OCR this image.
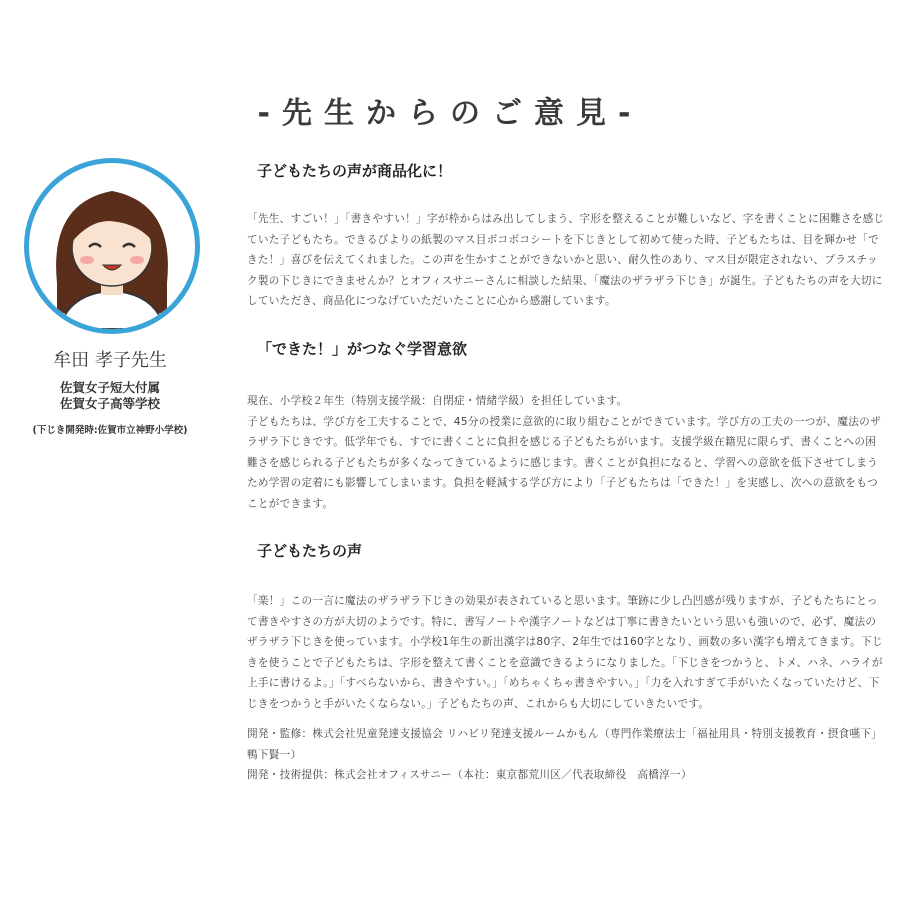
-先生からのご意見-
牟田 孝子先生
佐賀女子短大付属
佐賀女子高等学校
(下じき開発時:佐賀市立神野小学校)
子どもたちの声が商品化に！
「先生、すごい！」「書きやすい！」字が枠からはみ出してしまう、字形を整えることが難しいなど、字を書くことに困難さを感じていた子どもたち。できるびよりの紙製のマス目ボコボコシートを下じきとして初めて使った時、子どもたちは、目を輝かせ「できた！」喜びを伝えてくれました。この声を生かすことができないかと思い、耐久性のあり、マス目が限定されない、プラスチック製の下じきにできませんか？とオフィスサニーさんに相談した結果、「魔法のザラザラ下じき」が誕生。子どもたちの声を大切にしていただき、商品化につなげていただいたことに心から感謝しています。
「できた！」がつなぐ学習意欲
現在、小学校２年生（特別支援学級：自閉症・情緒学級）を担任しています。
子どもたちは、学び方を工夫することで、45分の授業に意欲的に取り組むことができています。学び方の工夫の一つが、魔法のザラザラ下じきです。低学年でも、すでに書くことに負担を感じる子どもたちがいます。支援学級在籍児に限らず、書くことへの困難さを感じられる子どもたちが多くなってきているように感じます。書くことが負担になると、学習への意欲を低下させてしまうため学習の定着にも影響してしまいます。負担を軽減する学び方により「子どもたちは「できた！」を実感し、次への意欲をもつことができます。
子どもたちの声
「楽！」この一言に魔法のザラザラ下じきの効果が表されていると思います。筆跡に少し凸凹感が残りますが、子どもたちにとって書きやすさの方が大切のようです。特に、書写ノートや漢字ノートなどは丁寧に書きたいという思いも強いので、必ず、魔法のザラザラ下じきを使っています。小学校1年生の新出漢字は80字、2年生では160字となり、画数の多い漢字も増えてきます。下じきを使うことで子どもたちは、字形を整えて書くことを意識できるようになりました。「下じきをつかうと、トメ、ハネ、ハライが上手に書けるよ。」「すべらないから、書きやすい。」「めちゃくちゃ書きやすい。」「力を入れすぎて手がいたくなっていたけど、下じきをつかうと手がいたくならない。」子どもたちの声、これからも大切にしていきたいです。
開発・監修：株式会社児童発達支援協会 リハビリ発達支援ルームかもん（専門作業療法士「福祉用具・特別支援教育・摂食嚥下」 鴨下賢一）
開発・技術提供：株式会社オフィスサニー（本社：東京都荒川区／代表取締役　高橋淳一）
